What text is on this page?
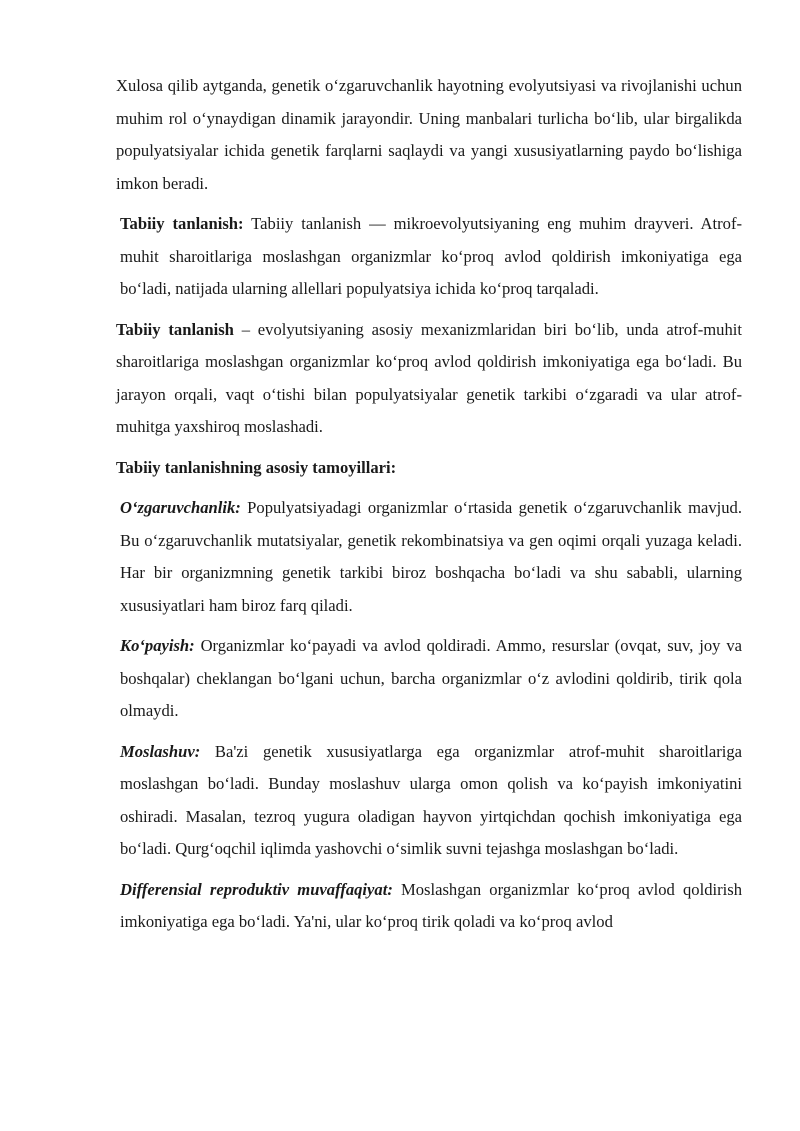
Xulosa qilib aytganda, genetik o‘zgaruvchanlik hayotning evolyutsiyasi va rivojlanishi uchun muhim rol o‘ynaydigan dinamik jarayondir. Uning manbalari turlicha bo‘lib, ular birgalikda populyatsiyalar ichida genetik farqlarni saqlaydi va yangi xususiyatlarning paydo bo‘lishiga imkon beradi.

Tabiiy tanlanish: Tabiiy tanlanish — mikroevolyutsiyaning eng muhim drayveri. Atrof-muhit sharoitlariga moslashgan organizmlar ko‘proq avlod qoldirish imkoniyatiga ega bo‘ladi, natijada ularning allellari populyatsiya ichida ko‘proq tarqaladi.

Tabiiy tanlanish – evolyutsiyaning asosiy mexanizmlaridan biri bo‘lib, unda atrof-muhit sharoitlariga moslashgan organizmlar ko‘proq avlod qoldirish imkoniyatiga ega bo‘ladi. Bu jarayon orqali, vaqt o‘tishi bilan populyatsiyalar genetik tarkibi o‘zgaradi va ular atrof-muhitga yaxshiroq moslashadi.

Tabiiy tanlanishning asosiy tamoyillari:

O‘zgaruvchanlik: Populyatsiyadagi organizmlar o‘rtasida genetik o‘zgaruvchanlik mavjud. Bu o‘zgaruvchanlik mutatsiyalar, genetik rekombinatsiya va gen oqimi orqali yuzaga keladi. Har bir organizmning genetik tarkibi biroz boshqacha bo‘ladi va shu sababli, ularning xususiyatlari ham biroz farq qiladi.

Ko‘payish: Organizmlar ko‘payadi va avlod qoldiradi. Ammo, resurslar (ovqat, suv, joy va boshqalar) cheklangan bo‘lgani uchun, barcha organizmlar o‘z avlodini qoldirib, tirik qola olmaydi.

Moslashuv: Ba'zi genetik xususiyatlarga ega organizmlar atrof-muhit sharoitlariga moslashgan bo‘ladi. Bunday moslashuv ularga omon qolish va ko‘payish imkoniyatini oshiradi. Masalan, tezroq yugura oladigan hayvon yirtqichdan qochish imkoniyatiga ega bo‘ladi. Qurg‘oqchil iqlimda yashovchi o‘simlik suvni tejashga moslashgan bo‘ladi.

Differensial reproduktiv muvaffaqiyat: Moslashgan organizmlar ko‘proq avlod qoldirish imkoniyatiga ega bo‘ladi. Ya'ni, ular ko‘proq tirik qoladi va ko‘proq avlod
